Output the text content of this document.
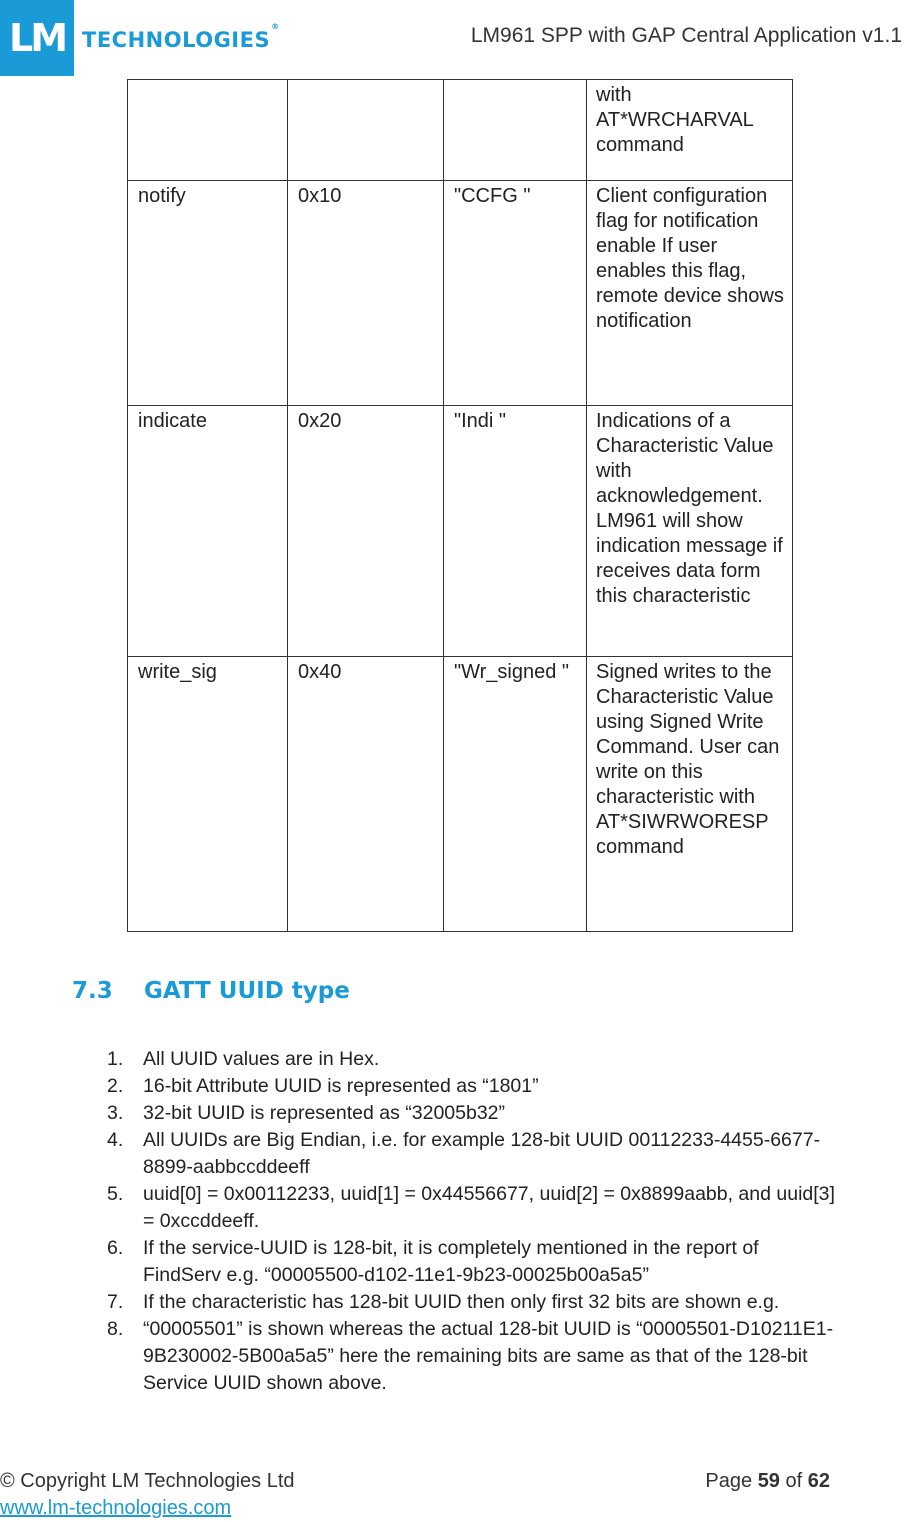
LM TECHNOLOGIES®	LM961 SPP with GAP Central Application v1.1
			with AT*WRCHARVAL command
notify	0x10	"CCFG "	Client configuration flag for notification enable If user enables this flag, remote device shows notification
indicate	0x20	"Indi "	Indications of a Characteristic Value with acknowledgement. LM961 will show indication message if receives data form this characteristic
write_sig	0x40	"Wr_signed "	Signed writes to the Characteristic Value using Signed Write Command. User can write on this characteristic with AT*SIWRWORESP command
7.3	GATT UUID type
1.	All UUID values are in Hex.
2.	16-bit Attribute UUID is represented as “1801”
3.	32-bit UUID is represented as “32005b32”
4.	All UUIDs are Big Endian, i.e. for example 128-bit UUID 00112233-4455-6677-8899-aabbccddeeff
5.	uuid[0] = 0x00112233, uuid[1] = 0x44556677, uuid[2] = 0x8899aabb, and uuid[3] = 0xccddeeff.
6.	If the service-UUID is 128-bit, it is completely mentioned in the report of FindServ e.g. “00005500-d102-11e1-9b23-00025b00a5a5”
7.	If the characteristic has 128-bit UUID then only first 32 bits are shown e.g.
8.	“00005501” is shown whereas the actual 128-bit UUID is “00005501-D10211E1-9B230002-5B00a5a5” here the remaining bits are same as that of the 128-bit Service UUID shown above.
© Copyright LM Technologies Ltd
www.lm-technologies.com
Page 59 of 62
